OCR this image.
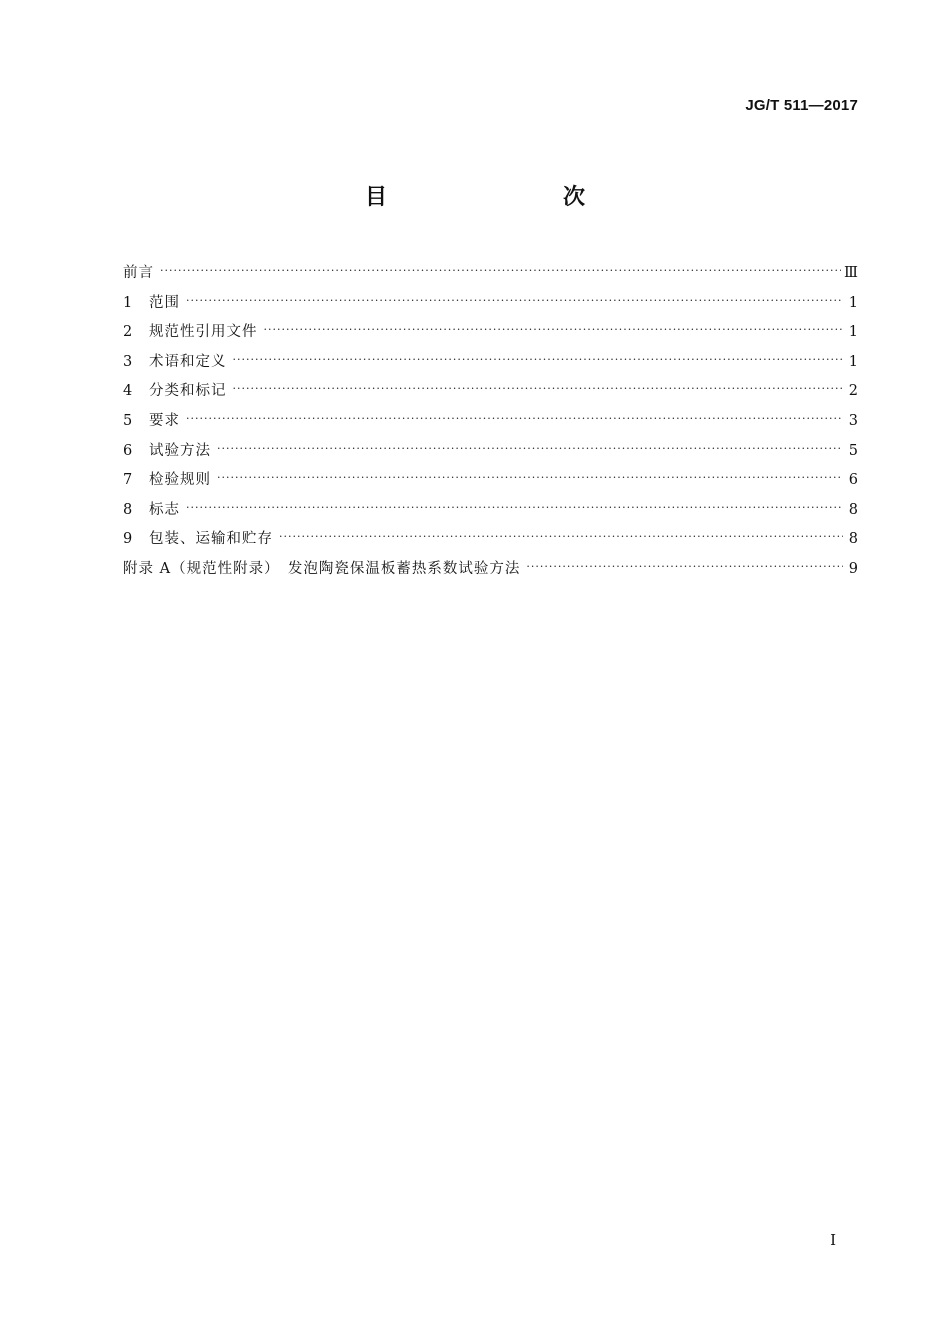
JG/T 511—2017
目　　次
前言 ·····	Ⅲ
1	范围 ·····	1
2	规范性引用文件 ·····	1
3	术语和定义 ·····	1
4	分类和标记 ·····	2
5	要求 ·····	3
6	试验方法 ·····	5
7	检验规则 ·····	6
8	标志 ·····	8
9	包装、运输和贮存 ·····	8
附录 A（规范性附录）　发泡陶瓷保温板蓄热系数试验方法 ·····	9
I
